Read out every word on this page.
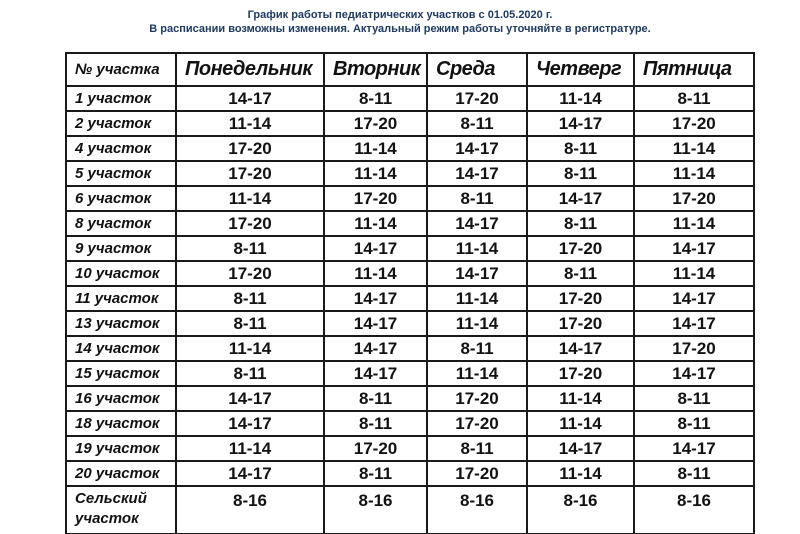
График работы педиатрических участков с 01.05.2020 г.
В расписании возможны изменения. Актуальный режим работы уточняйте в регистратуре.
№ участка	Понедельник	Вторник	Среда	Четверг	Пятница
1 участок	14-17	8-11	17-20	11-14	8-11
2 участок	11-14	17-20	8-11	14-17	17-20
4 участок	17-20	11-14	14-17	8-11	11-14
5 участок	17-20	11-14	14-17	8-11	11-14
6 участок	11-14	17-20	8-11	14-17	17-20
8 участок	17-20	11-14	14-17	8-11	11-14
9 участок	8-11	14-17	11-14	17-20	14-17
10 участок	17-20	11-14	14-17	8-11	11-14
11 участок	8-11	14-17	11-14	17-20	14-17
13 участок	8-11	14-17	11-14	17-20	14-17
14 участок	11-14	14-17	8-11	14-17	17-20
15 участок	8-11	14-17	11-14	17-20	14-17
16 участок	14-17	8-11	17-20	11-14	8-11
18 участок	14-17	8-11	17-20	11-14	8-11
19 участок	11-14	17-20	8-11	14-17	14-17
20 участок	14-17	8-11	17-20	11-14	8-11
Сельский участок	8-16	8-16	8-16	8-16	8-16
